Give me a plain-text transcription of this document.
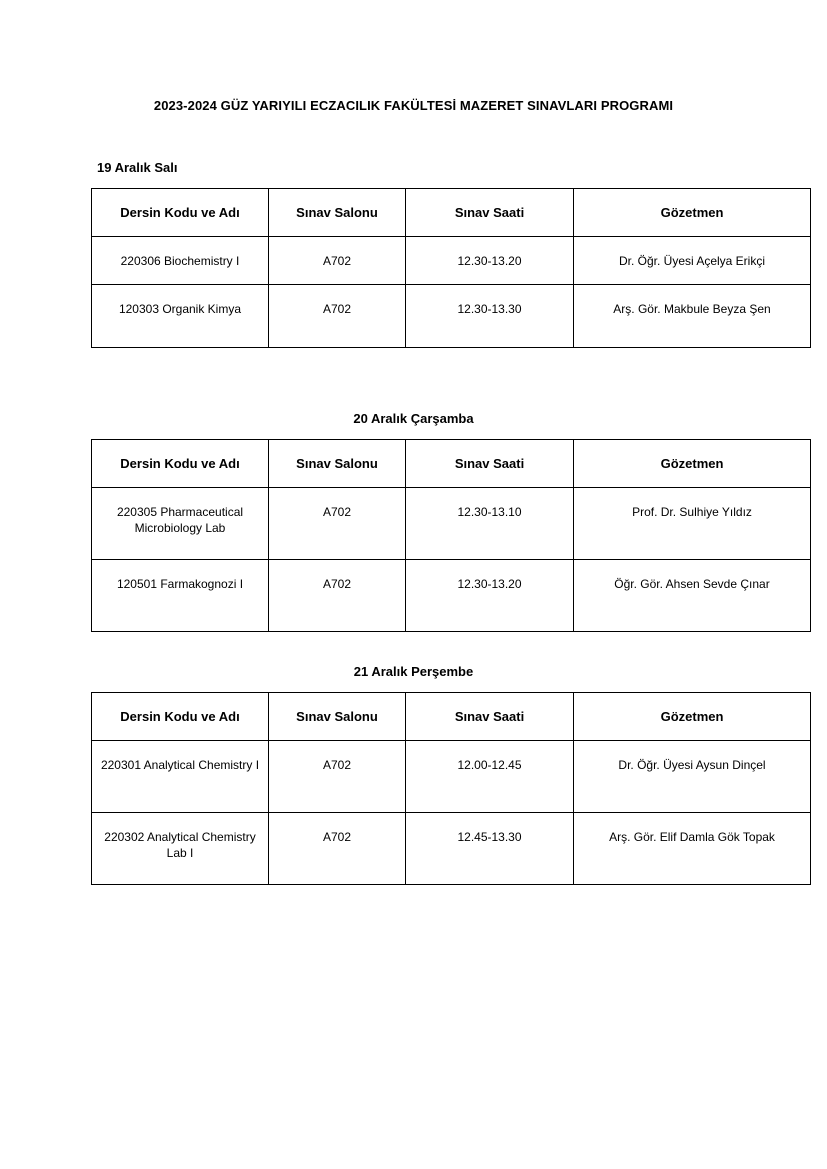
2023-2024 GÜZ YARIYILI ECZACILIK FAKÜLTESİ MAZERET SINAVLARI PROGRAMI
19 Aralık Salı
Dersin Kodu ve Adı	Sınav Salonu	Sınav Saati	Gözetmen
220306 Biochemistry I	A702	12.30-13.20	Dr. Öğr. Üyesi Açelya Erikçi
120303 Organik Kimya	A702	12.30-13.30	Arş. Gör. Makbule Beyza Şen
20 Aralık Çarşamba
Dersin Kodu ve Adı	Sınav Salonu	Sınav Saati	Gözetmen
220305 Pharmaceutical Microbiology Lab	A702	12.30-13.10	Prof. Dr. Sulhiye Yıldız
120501 Farmakognozi I	A702	12.30-13.20	Öğr. Gör. Ahsen Sevde Çınar
21 Aralık Perşembe
Dersin Kodu ve Adı	Sınav Salonu	Sınav Saati	Gözetmen
220301 Analytical Chemistry I	A702	12.00-12.45	Dr. Öğr. Üyesi Aysun Dinçel
220302 Analytical Chemistry Lab I	A702	12.45-13.30	Arş. Gör. Elif Damla Gök Topak
